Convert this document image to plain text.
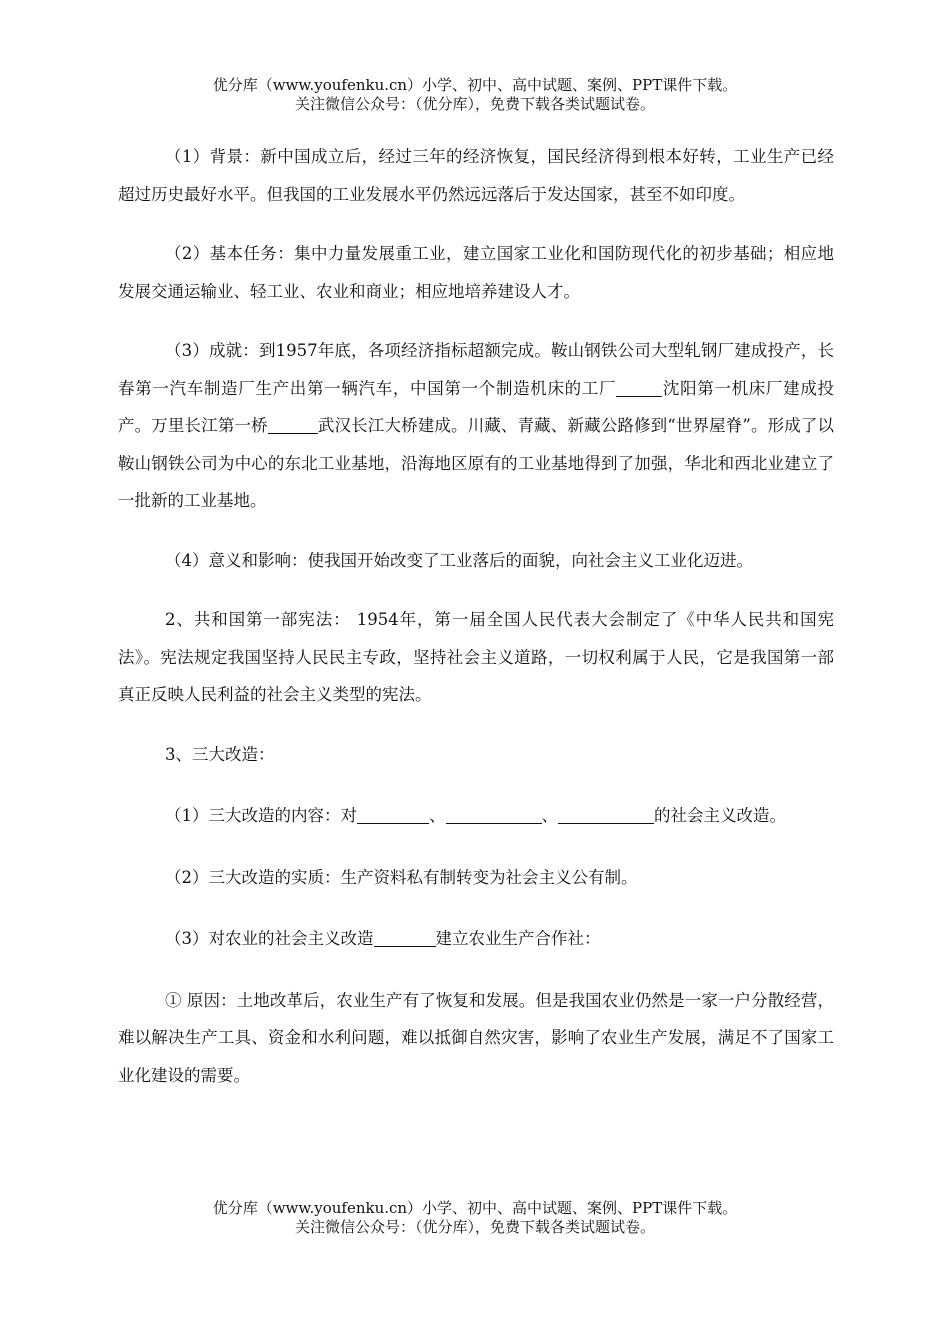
优分库（www.youfenku.cn）小学、初中、高中试题、案例、PPT课件下载。
关注微信公众号：（优分库），免费下载各类试题试卷。

（1）背景：新中国成立后，经过三年的经济恢复，国民经济得到根本好转，工业生产已经超过历史最好水平。但我国的工业发展水平仍然远远落后于发达国家，甚至不如印度。

（2）基本任务：集中力量发展重工业，建立国家工业化和国防现代化的初步基础；相应地发展交通运输业、轻工业、农业和商业；相应地培养建设人才。

（3）成就：到1957年底，各项经济指标超额完成。鞍山钢铁公司大型轧钢厂建成投产，长春第一汽车制造厂生产出第一辆汽车，中国第一个制造机床的工厂	沈阳第一机床厂建成投产。万里长江第一桥	武汉长江大桥建成。川藏、青藏、新藏公路修到“世界屋脊”。形成了以鞍山钢铁公司为中心的东北工业基地，沿海地区原有的工业基地得到了加强，华北和西北业建立了一批新的工业基地。

（4）意义和影响：使我国开始改变了工业落后的面貌，向社会主义工业化迈进。

2、共和国第一部宪法： 1954年，第一届全国人民代表大会制定了《中华人民共和国宪法》。宪法规定我国坚持人民民主专政，坚持社会主义道路，一切权利属于人民，它是我国第一部真正反映人民利益的社会主义类型的宪法。

3、三大改造：

（1）三大改造的内容：对	、	、	的社会主义改造。

（2）三大改造的实质：生产资料私有制转变为社会主义公有制。

（3）对农业的社会主义改造	建立农业生产合作社：

① 原因：土地改革后，农业生产有了恢复和发展。但是我国农业仍然是一家一户分散经营，难以解决生产工具、资金和水利问题，难以抵御自然灾害，影响了农业生产发展，满足不了国家工业化建设的需要。

优分库（www.youfenku.cn）小学、初中、高中试题、案例、PPT课件下载。
关注微信公众号：（优分库），免费下载各类试题试卷。
